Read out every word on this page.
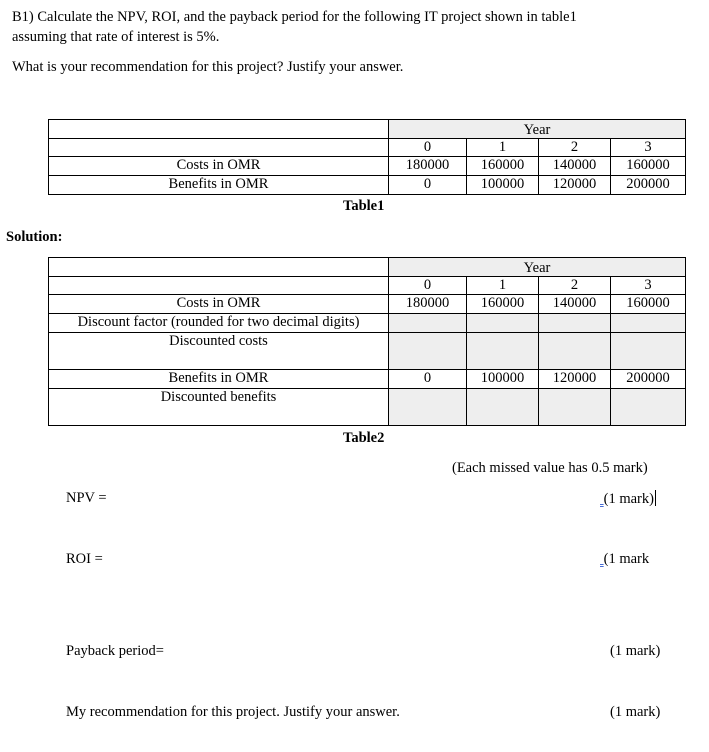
B1) Calculate the NPV, ROI, and the payback period for the following IT project shown in table1
assuming that rate of interest is 5%.
What is your recommendation for this project? Justify your answer.
	Year			
	0	1	2	3
Costs in OMR	180000	160000	140000	160000
Benefits in OMR	0	100000	120000	200000
Table1
Solution:
	Year			
	0	1	2	3
Costs in OMR	180000	160000	140000	160000
Discount factor (rounded for two decimal digits)				
Discounted costs				
Benefits in OMR	0	100000	120000	200000
Discounted benefits				
Table2
(Each missed value has 0.5 mark)
NPV =	(1 mark)
ROI =	(1 mark
Payback period=	(1 mark)
My recommendation for this project. Justify your answer.	(1 mark)
